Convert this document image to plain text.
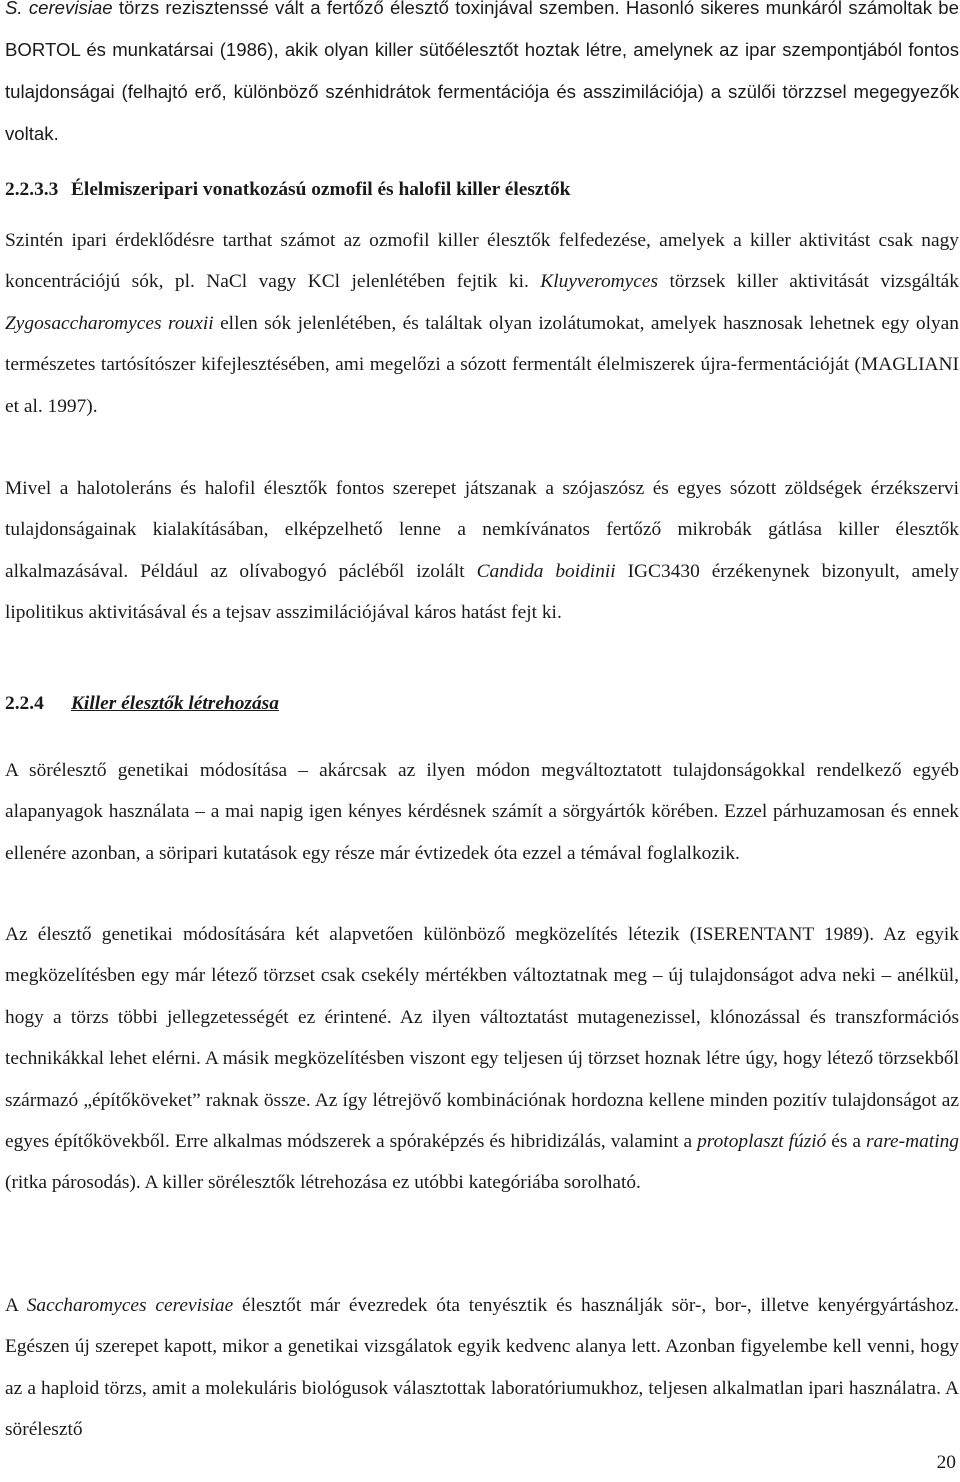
S. cerevisiae törzs rezisztenssé vált a fertőző élesztő toxinjával szemben. Hasonló sikeres munkáról számoltak be BORTOL és munkatársai (1986), akik olyan killer sütőélesztőt hoztak létre, amelynek az ipar szempontjából fontos tulajdonságai (felhajtó erő, különböző szénhidrátok fermentációja és asszimilációja) a szülői törzzsel megegyezők voltak.

2.2.3.3 Élelmiszeripari vonatkozású ozmofil és halofil killer élesztők

Szintén ipari érdeklődésre tarthat számot az ozmofil killer élesztők felfedezése, amelyek a killer aktivitást csak nagy koncentrációjú sók, pl. NaCl vagy KCl jelenlétében fejtik ki. Kluyveromyces törzsek killer aktivitását vizsgálták Zygosaccharomyces rouxii ellen sók jelenlétében, és találtak olyan izolátumokat, amelyek hasznosak lehetnek egy olyan természetes tartósítószer kifejlesztésében, ami megelőzi a sózott fermentált élelmiszerek újra-fermentációját (MAGLIANI et al. 1997).

Mivel a halotoleráns és halofil élesztők fontos szerepet játszanak a szójaszósz és egyes sózott zöldségek érzékszervi tulajdonságainak kialakításában, elképzelhető lenne a nemkívánatos fertőző mikrobák gátlása killer élesztők alkalmazásával. Például az olívabogyó pácléből izolált Candida boidinii IGC3430 érzékenynek bizonyult, amely lipolitikus aktivitásával és a tejsav asszimilációjával káros hatást fejt ki.

2.2.4 Killer élesztők létrehozása

A sörélesztő genetikai módosítása – akárcsak az ilyen módon megváltoztatott tulajdonságokkal rendelkező egyéb alapanyagok használata – a mai napig igen kényes kérdésnek számít a sörgyártók körében. Ezzel párhuzamosan és ennek ellenére azonban, a söripari kutatások egy része már évtizedek óta ezzel a témával foglalkozik.

Az élesztő genetikai módosítására két alapvetően különböző megközelítés létezik (ISERENTANT 1989). Az egyik megközelítésben egy már létező törzset csak csekély mértékben változtatnak meg – új tulajdonságot adva neki – anélkül, hogy a törzs többi jellegzetességét ez érintené. Az ilyen változtatást mutagenezissel, klónozással és transzformációs technikákkal lehet elérni. A másik megközelítésben viszont egy teljesen új törzset hoznak létre úgy, hogy létező törzsekből származó „építőköveket” raknak össze. Az így létrejövő kombinációnak hordozna kellene minden pozitív tulajdonságot az egyes építőkövekből. Erre alkalmas módszerek a spóraképzés és hibridizálás, valamint a protoplaszt fúzió és a rare-mating (ritka párosodás). A killer sörélesztők létrehozása ez utóbbi kategóriába sorolható.

A Saccharomyces cerevisiae élesztőt már évezredek óta tenyésztik és használják sör-, bor-, illetve kenyérgyártáshoz. Egészen új szerepet kapott, mikor a genetikai vizsgálatok egyik kedvenc alanya lett. Azonban figyelembe kell venni, hogy az a haploid törzs, amit a molekuláris biológusok választottak laboratóriumukhoz, teljesen alkalmatlan ipari használatra. A sörélesztő

20
